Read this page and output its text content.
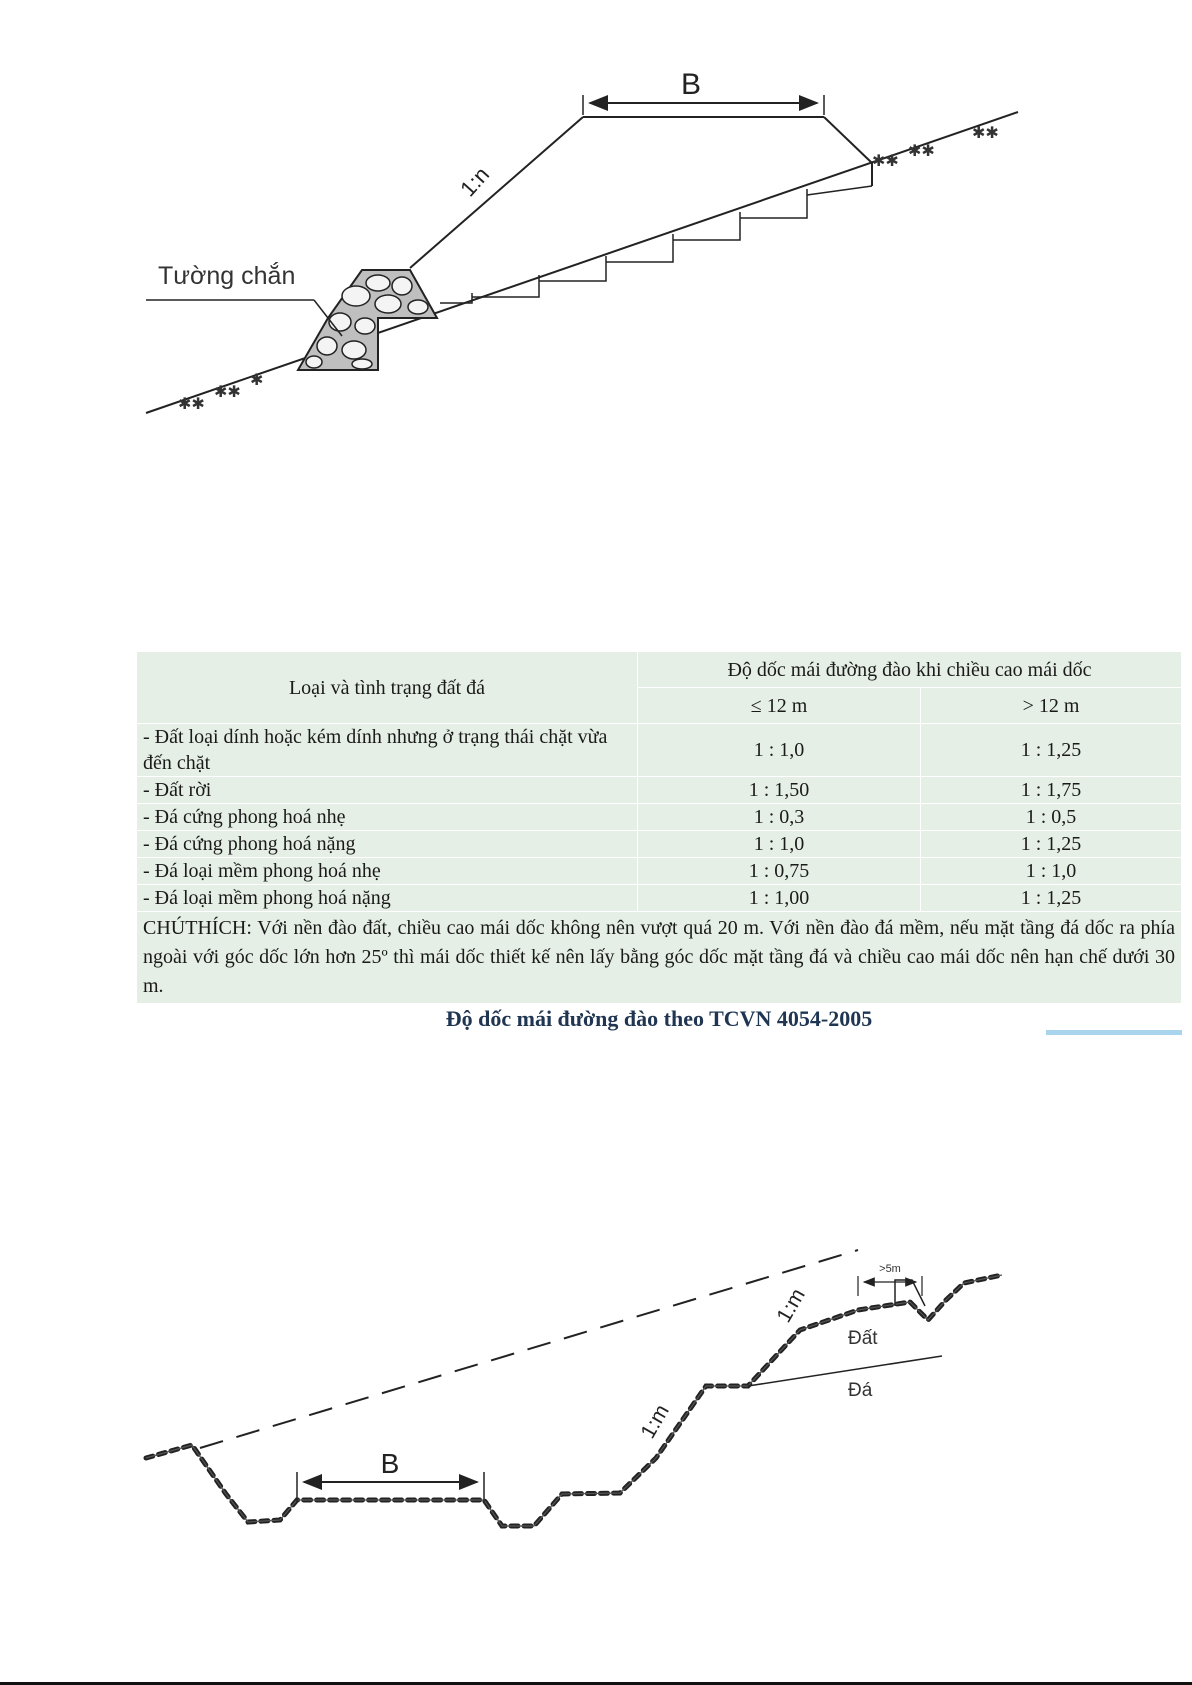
✱✱
✱✱
✱
✱✱
✱✱
✱✱
B
1:n
Tường chắn
Loại và tình trạng đất đá	Độ dốc mái đường đào khi chiều cao mái dốc	
	≤ 12 m	> 12 m
- Đất loại dính hoặc kém dính nhưng ở trạng thái chặt vừa đến chặt	1 : 1,0	1 : 1,25
- Đất rời	1 : 1,50	1 : 1,75
- Đá cứng phong hoá nhẹ	1 : 0,3	1 : 0,5
- Đá cứng phong hoá nặng	1 : 1,0	1 : 1,25
- Đá loại mềm phong hoá nhẹ	1 : 0,75	1 : 1,0
- Đá loại mềm phong hoá nặng	1 : 1,00	1 : 1,25
CHÚTHÍCH: Với nền đào đất, chiều cao mái dốc không nên vượt quá 20 m. Với nền đào đá mềm, nếu mặt tầng đá dốc ra phía ngoài với góc dốc lớn hơn 25º thì mái dốc thiết kế nên lấy bằng góc dốc mặt tầng đá và chiều cao mái dốc nên hạn chế dưới 30 m.		
Độ dốc mái đường đào theo TCVN 4054-2005
B
1:m
1:m
Đất
Đá
>5m
